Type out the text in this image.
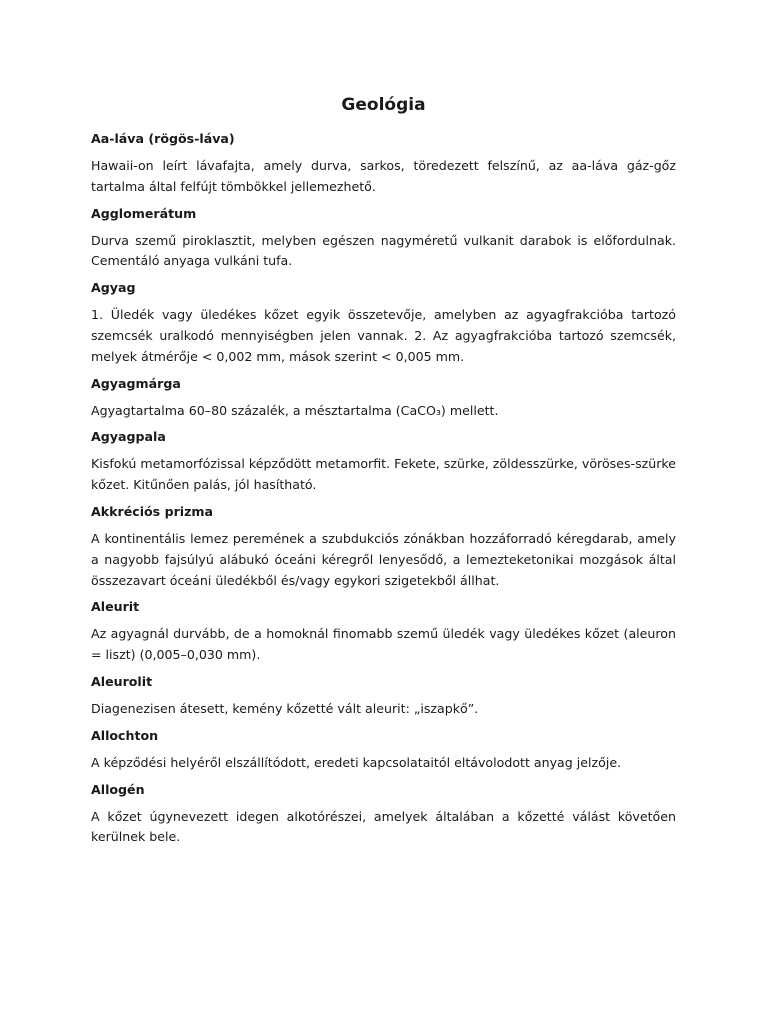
Geológia

Aa-láva (rögös-láva)

Hawaii-on leírt lávafajta, amely durva, sarkos, töredezett felszínű, az aa-láva gáz-gőz tartalma által felfújt tömbökkel jellemezhető.

Agglomerátum

Durva szemű piroklasztit, melyben egészen nagyméretű vulkanit darabok is előfordulnak. Cementáló anyaga vulkáni tufa.

Agyag

1. Üledék vagy üledékes kőzet egyik összetevője, amelyben az agyagfrakcióba tartozó szemcsék uralkodó mennyiségben jelen vannak. 2. Az agyagfrakcióba tartozó szemcsék, melyek átmérője < 0,002 mm, mások szerint < 0,005 mm.

Agyagmárga

Agyagtartalma 60–80 százalék, a mésztartalma (CaCO₃) mellett.

Agyagpala

Kisfokú metamorfózissal képződött metamorfit. Fekete, szürke, zöldesszürke, vöröses-szürke kőzet. Kitűnően palás, jól hasítható.

Akkréciós prizma

A kontinentális lemez peremének a szubdukciós zónákban hozzáforradó kéregdarab, amely a nagyobb fajsúlyú alábukó óceáni kéregről lenyesődő, a lemezteketonikai mozgások által összezavart óceáni üledékből és/vagy egykori szigetekből állhat.

Aleurit

Az agyagnál durvább, de a homoknál finomabb szemű üledék vagy üledékes kőzet (aleuron = liszt) (0,005–0,030 mm).

Aleurolit

Diagenezisen átesett, kemény kőzetté vált aleurit: „iszapkő”.

Allochton

A képződési helyéről elszállítódott, eredeti kapcsolataitól eltávolodott anyag jelzője.

Allogén

A kőzet úgynevezett idegen alkotórészei, amelyek általában a kőzetté válást követően kerülnek bele.
